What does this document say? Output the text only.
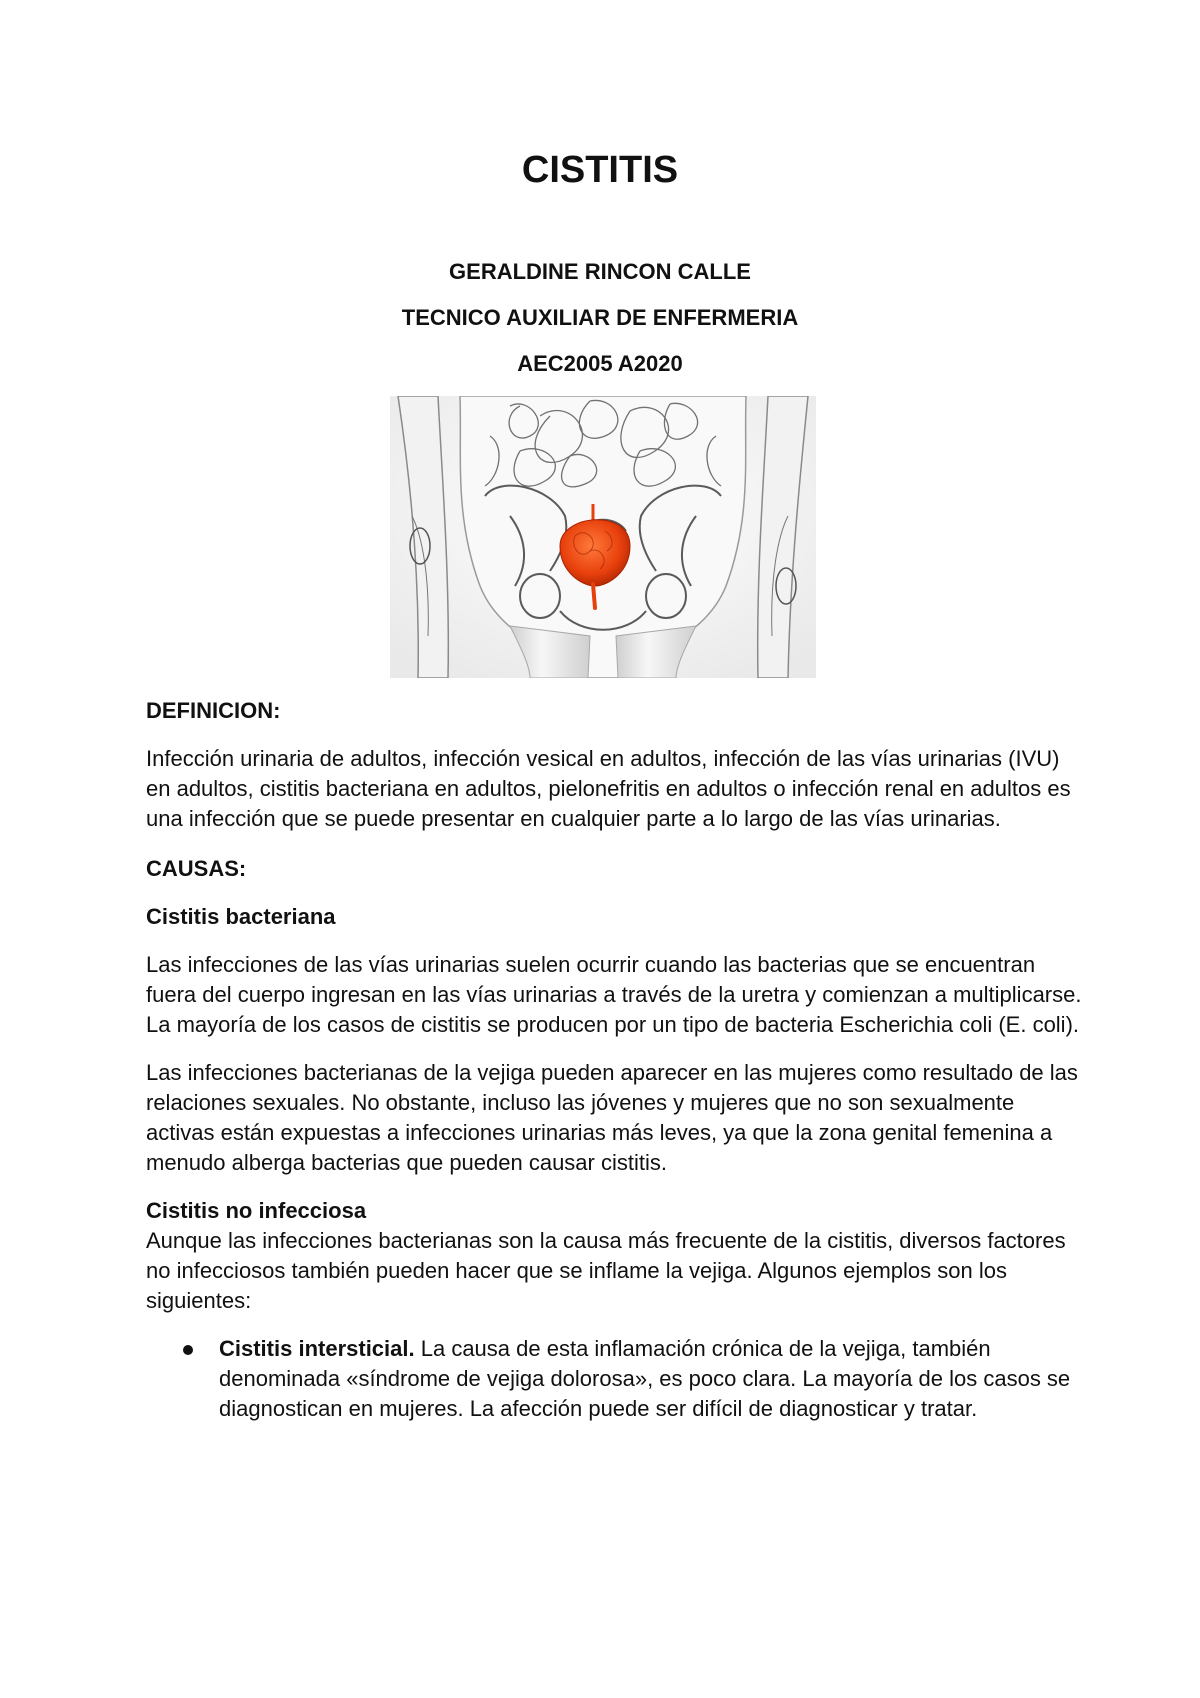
CISTITIS
GERALDINE RINCON CALLE
TECNICO AUXILIAR DE ENFERMERIA
AEC2005 A2020

DEFINICION:

Infección urinaria de adultos, infección vesical en adultos, infección de las vías urinarias (IVU) en adultos, cistitis bacteriana en adultos, pielonefritis en adultos o infección renal en adultos es una infección que se puede presentar en cualquier parte a lo largo de las vías urinarias.

CAUSAS:

Cistitis bacteriana

Las infecciones de las vías urinarias suelen ocurrir cuando las bacterias que se encuentran fuera del cuerpo ingresan en las vías urinarias a través de la uretra y comienzan a multiplicarse. La mayoría de los casos de cistitis se producen por un tipo de bacteria Escherichia coli (E. coli).

Las infecciones bacterianas de la vejiga pueden aparecer en las mujeres como resultado de las relaciones sexuales. No obstante, incluso las jóvenes y mujeres que no son sexualmente activas están expuestas a infecciones urinarias más leves, ya que la zona genital femenina a menudo alberga bacterias que pueden causar cistitis.

Cistitis no infecciosa

Aunque las infecciones bacterianas son la causa más frecuente de la cistitis, diversos factores no infecciosos también pueden hacer que se inflame la vejiga. Algunos ejemplos son los siguientes:

Cistitis intersticial. La causa de esta inflamación crónica de la vejiga, también denominada «síndrome de vejiga dolorosa», es poco clara. La mayoría de los casos se diagnostican en mujeres. La afección puede ser difícil de diagnosticar y tratar.
